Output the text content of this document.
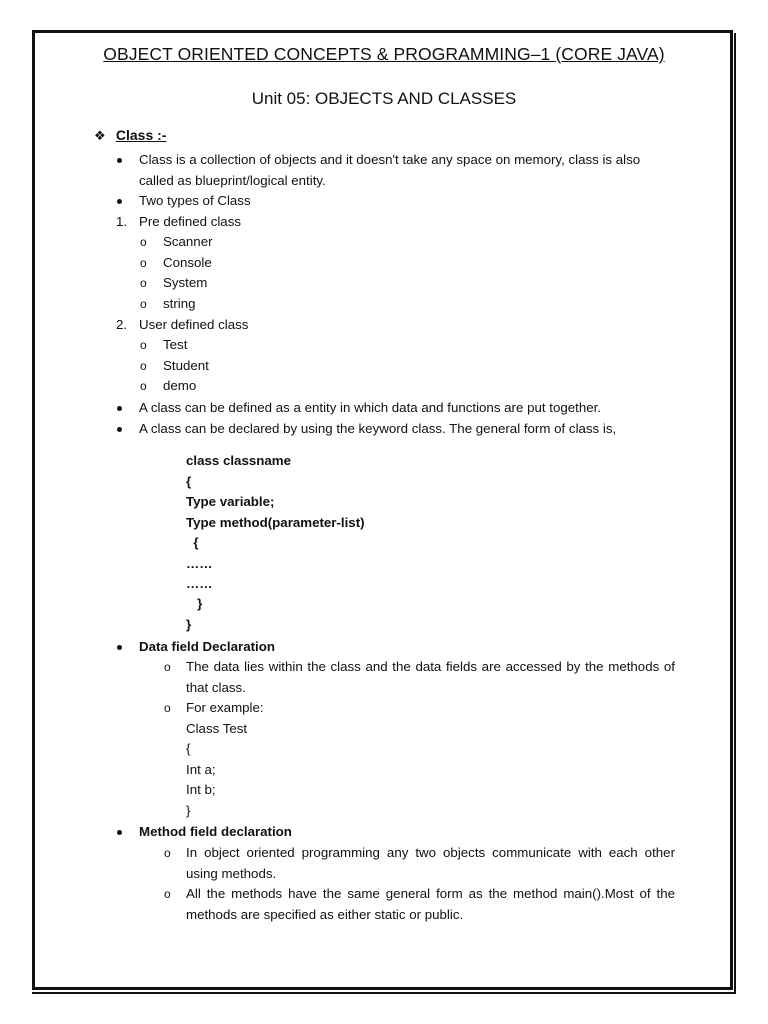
OBJECT ORIENTED CONCEPTS & PROGRAMMING–1 (CORE JAVA)
Unit 05: OBJECTS AND CLASSES
❖ Class :-
Class is a collection of objects and it doesn't take any space on memory, class is also
called as blueprint/logical entity.
Two types of Class
1. Pre defined class
o Scanner
o Console
o System
o string
2. User defined class
o Test
o Student
o demo
A class can be defined as a entity in which data and functions are put together.
A class can be declared by using the keyword class. The general form of class is,
class classname
{
Type variable;
Type method(parameter-list)
{
……
……
}
}
Data field Declaration
o The data lies within the class and the data fields are accessed by the methods of that class.
o For example:
Class Test
{
Int a;
Int b;
}
Method field declaration
o In object oriented programming any two objects communicate with each other using methods.
o All the methods have the same general form as the method main().Most of the methods are specified as either static or public.
